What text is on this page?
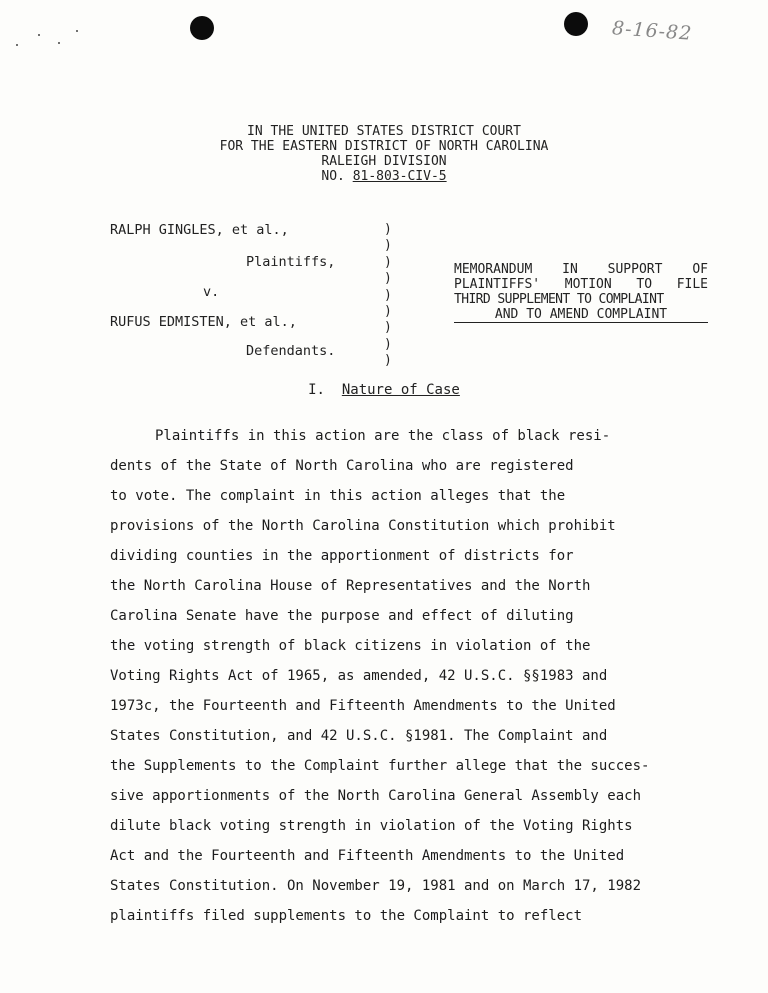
8-16-82
IN THE UNITED STATES DISTRICT COURT
FOR THE EASTERN DISTRICT OF NORTH CAROLINA
RALEIGH DIVISION
NO. 81-803-CIV-5
RALPH GINGLES, et al.,
Plaintiffs,
v.
RUFUS EDMISTEN, et al.,
Defendants.
)
)
)
)
)
)
)
)
)
MEMORANDUM IN SUPPORT OF
PLAINTIFFS' MOTION TO FILE
THIRD SUPPLEMENT TO COMPLAINT
AND TO AMEND COMPLAINT
I. Nature of Case
Plaintiffs in this action are the class of black resi-
dents of the State of North Carolina who are registered
to vote. The complaint in this action alleges that the
provisions of the North Carolina Constitution which prohibit
dividing counties in the apportionment of districts for
the North Carolina House of Representatives and the North
Carolina Senate have the purpose and effect of diluting
the voting strength of black citizens in violation of the
Voting Rights Act of 1965, as amended, 42 U.S.C. §§1983 and
1973c, the Fourteenth and Fifteenth Amendments to the United
States Constitution, and 42 U.S.C. §1981. The Complaint and
the Supplements to the Complaint further allege that the succes-
sive apportionments of the North Carolina General Assembly each
dilute black voting strength in violation of the Voting Rights
Act and the Fourteenth and Fifteenth Amendments to the United
States Constitution. On November 19, 1981 and on March 17, 1982
plaintiffs filed supplements to the Complaint to reflect
